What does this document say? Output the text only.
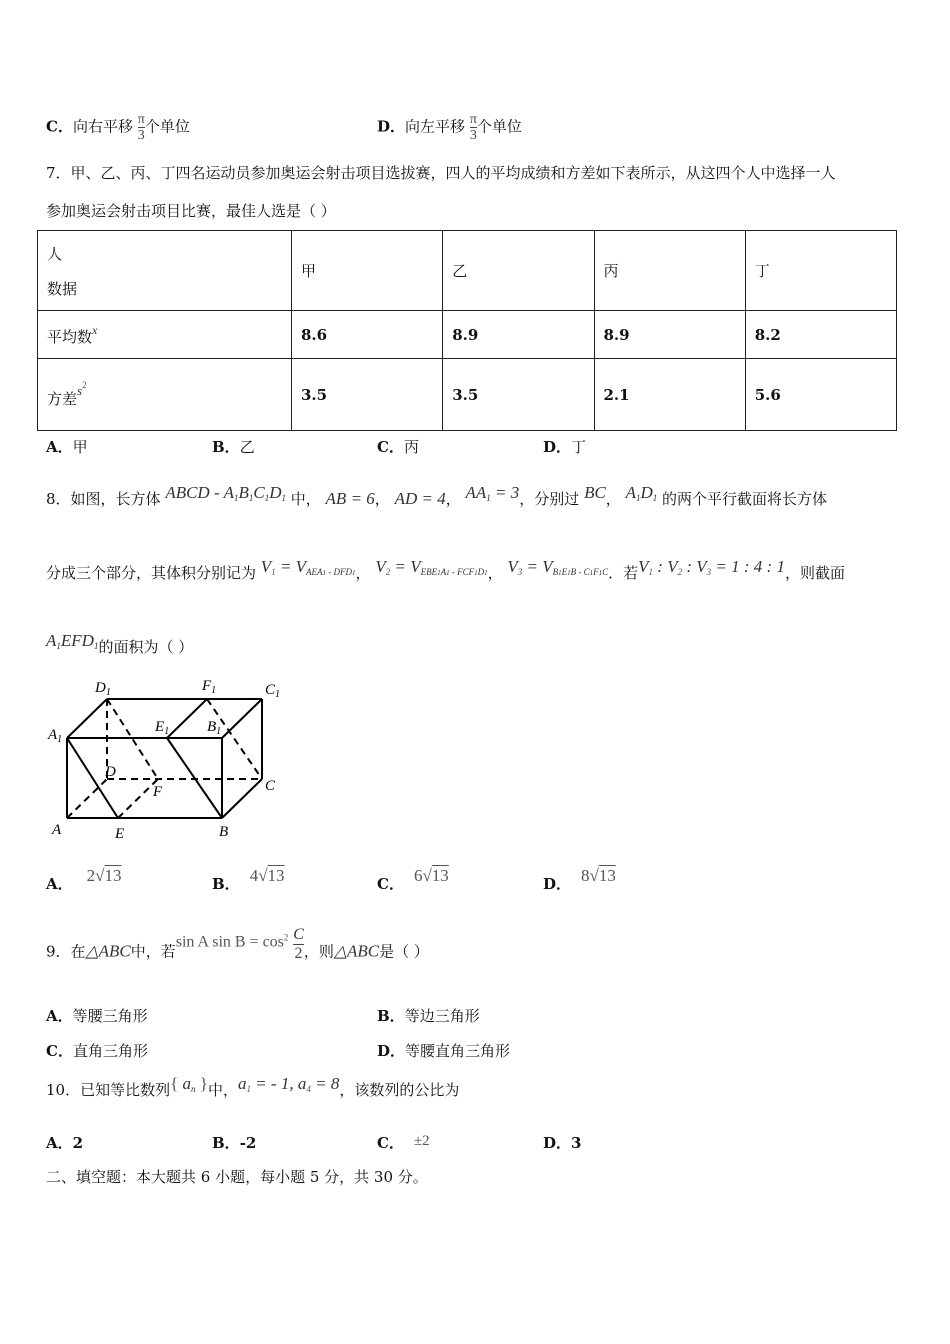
C．向右平移 $\frac{\pi}{3}$ 个单位	D．向左平移 $\frac{\pi}{3}$ 个单位
7．甲、乙、丙、丁四名运动员参加奥运会射击项目选拔赛，四人的平均成绩和方差如下表所示，从这四个人中选择一人
参加奥运会射击项目比赛，最佳人选是（ ）
人
数据	甲	乙	丙	丁
平均数$^x$	8.6	8.9	8.9	8.2
方差$s^2$	3.5	3.5	2.1	5.6
A．甲	B．乙	C．丙	D．丁
8．如图，长方体 ABCD - $A_1B_1C_1D_1$ 中， AB = 6， AD = 4， $AA_1 = 3$，分别过 BC， $A_1D_1$ 的两个平行截面将长方体
分成三个部分，其体积分别记为 $V_1 = V_{AEA1}$ $_{- DFD1}$， $V_2 = V_{EBE1A1}$ $_{- FCF1D1}$， $V_3 = V_{B1E1B - C1F1C}$．若$V_1$ : $V_2$ : $V_3 = 1$ : 4 : 1，则截面
$A_1EFD_1$的面积为（ ）
$D_1$	$F_1$	$C_1$
$A_1$
$E_1$	$B_1$
D
F	C
A	E	B
A． 2√13	B． 4√13	C． 6√13	D． 8√13
9．在△ABC中，若sin A $\sin B = \cos^2 \frac{C}{2}$ ，则△ABC是（ ）
A．等腰三角形	B．等边三角形
C．直角三角形	D．等腰直角三角形
10．已知等比数列{ $a_n$ }中，$a_1$ = - 1, $a_4 = 8$，该数列的公比为
A．2	B．-2	C． ±2	D．3
二、填空题：本大题共 6 小题，每小题 5 分，共 30 分。
